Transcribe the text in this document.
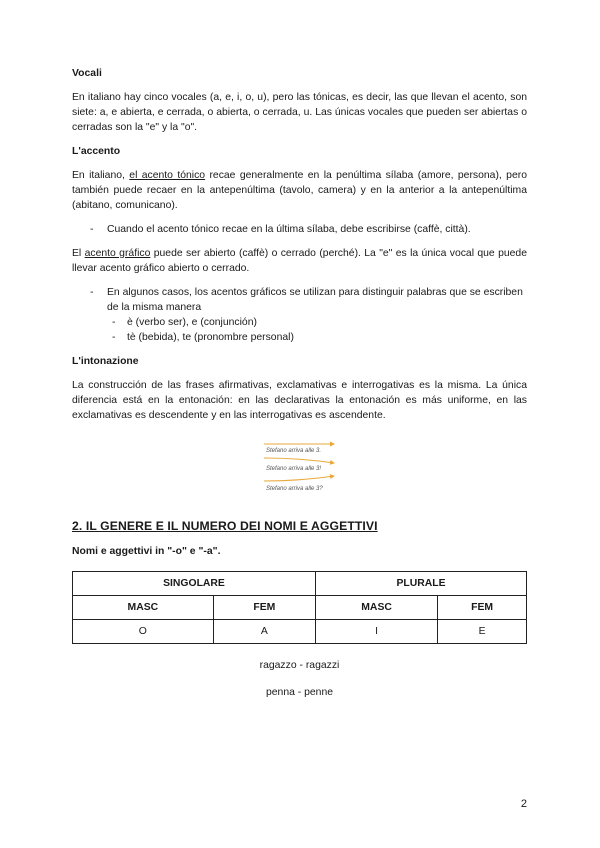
Vocali

En italiano hay cinco vocales (a, e, i, o, u), pero las tónicas, es decir, las que llevan el acento, son siete: a, e abierta, e cerrada, o abierta, o cerrada, u. Las únicas vocales que pueden ser abiertas o cerradas son la "e" y la "o".

L'accento

En italiano, el acento tónico recae generalmente en la penúltima sílaba (amore, persona), pero también puede recaer en la antepenúltima (tavolo, camera) y en la anterior a la antepenúltima (abitano, comunicano).

- Cuando el acento tónico recae en la última sílaba, debe escribirse (caffè, città).

El acento gráfico puede ser abierto (caffè) o cerrado (perché). La "e" es la única vocal que puede llevar acento gráfico abierto o cerrado.

- En algunos casos, los acentos gráficos se utilizan para distinguir palabras que se escriben de la misma manera
- è (verbo ser), e (conjunción)
- tè (bebida), te (pronombre personal)
L'intonazione

La construcción de las frases afirmativas, exclamativas e interrogativas es la misma. La única diferencia está en la entonación: en las declarativas la entonación es más uniforme, en las exclamativas es descendente y en las interrogativas es ascendente.

Stefano arriva alle 3.
Stefano arriva alle 3!
Stefano arriva alle 3?
2. IL GENERE E IL NUMERO DEI NOMI E AGGETTIVI
Nomi e aggettivi in "-o" e "-a".
SINGOLARE		PLURALE	
MASC	FEM	MASC	FEM
O	A	I	E
ragazzo - ragazzi
penna - penne
2
